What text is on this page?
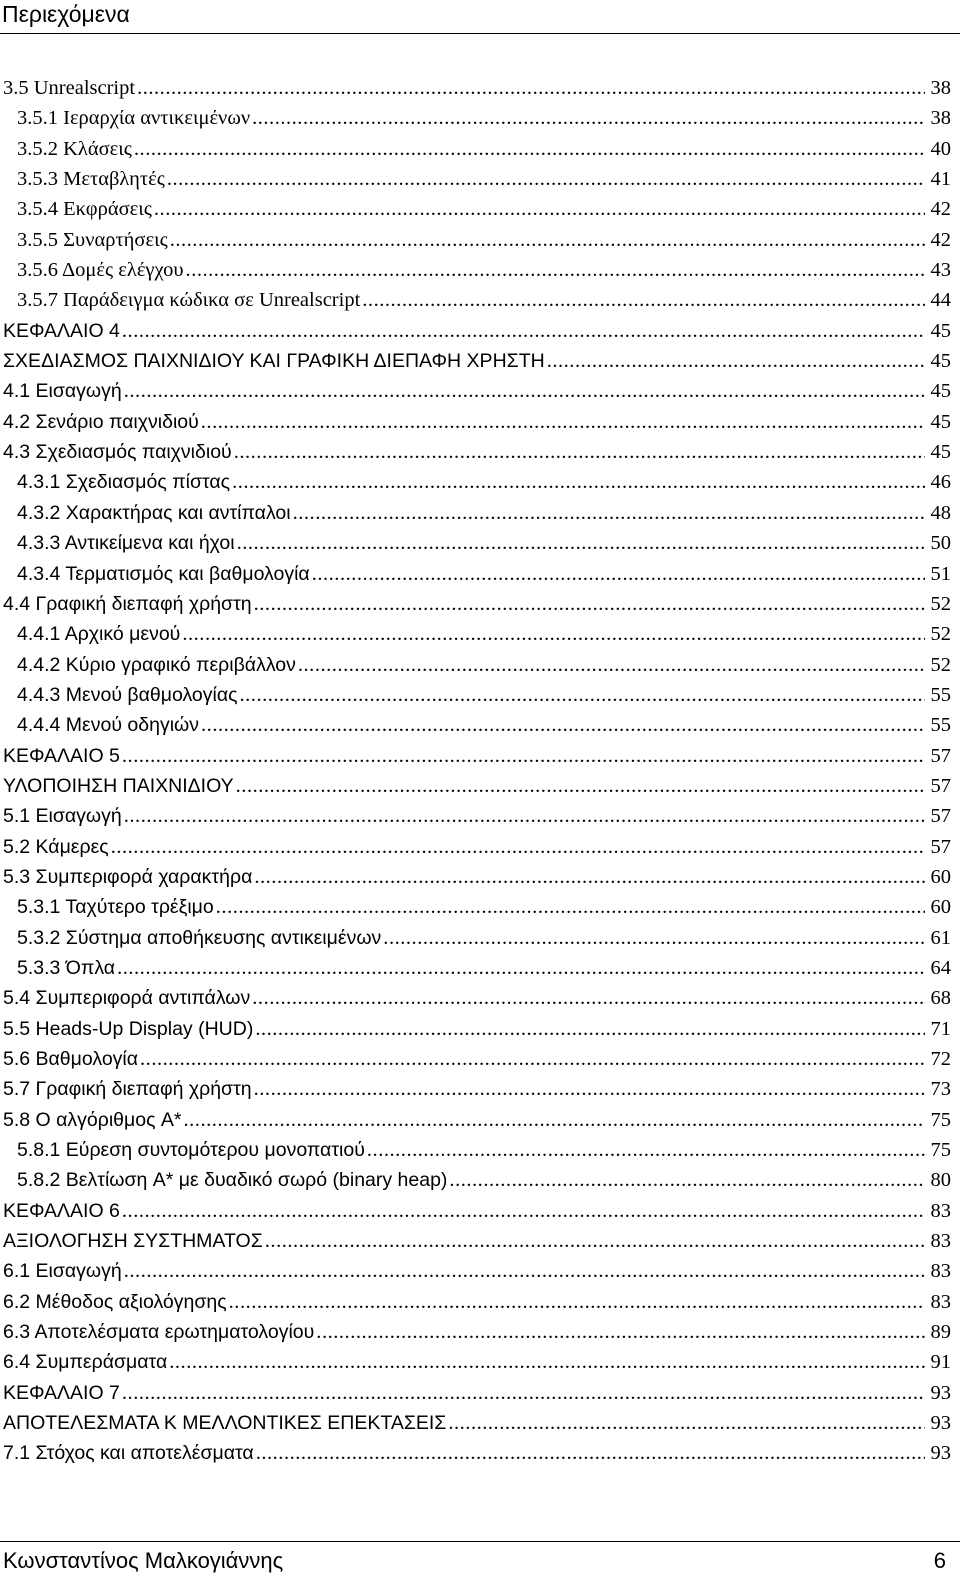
Περιεχόμενα
3.5 Unrealscript . . .	38
3.5.1 Ιεραρχία αντικειμένων . . .	38
3.5.2 Κλάσεις . . .	40
3.5.3 Μεταβλητές . . .	41
3.5.4 Εκφράσεις . . .	42
3.5.5 Συναρτήσεις . . .	42
3.5.6 Δομές ελέγχου . . .	43
3.5.7 Παράδειγμα κώδικα σε Unrealscript . . .	44
ΚΕΦΑΛΑΙΟ 4 . . .	45
ΣΧΕΔΙΑΣΜΟΣ ΠΑΙΧΝΙΔΙΟΥ ΚΑΙ ΓΡΑΦΙΚΗ ΔΙΕΠΑΦΗ ΧΡΗΣΤΗ . . .	45
4.1 Εισαγωγή . . .	45
4.2 Σενάριο παιχνιδιού . . .	45
4.3 Σχεδιασμός παιχνιδιού . . .	45
4.3.1 Σχεδιασμός πίστας . . .	46
4.3.2 Χαρακτήρας και αντίπαλοι . . .	48
4.3.3 Αντικείμενα και ήχοι . . .	50
4.3.4 Τερματισμός και βαθμολογία . . .	51
4.4 Γραφική διεπαφή χρήστη . . .	52
4.4.1 Αρχικό μενού . . .	52
4.4.2 Κύριο γραφικό περιβάλλον . . .	52
4.4.3 Μενού βαθμολογίας . . .	55
4.4.4 Μενού οδηγιών . . .	55
ΚΕΦΑΛΑΙΟ 5 . . .	57
ΥΛΟΠΟΙΗΣΗ ΠΑΙΧΝΙΔΙΟΥ . . .	57
5.1 Εισαγωγή . . .	57
5.2 Κάμερες . . .	57
5.3 Συμπεριφορά χαρακτήρα . . .	60
5.3.1 Ταχύτερο τρέξιμο . . .	60
5.3.2 Σύστημα αποθήκευσης αντικειμένων . . .	61
5.3.3 Όπλα . . .	64
5.4 Συμπεριφορά αντιπάλων . . .	68
5.5 Heads-Up Display (HUD) . . .	71
5.6 Βαθμολογία . . .	72
5.7 Γραφική διεπαφή χρήστη . . .	73
5.8 Ο αλγόριθμος A* . . .	75
5.8.1 Εύρεση συντομότερου μονοπατιού . . .	75
5.8.2 Βελτίωση A* με δυαδικό σωρό (binary heap) . . .	80
ΚΕΦΑΛΑΙΟ 6 . . .	83
ΑΞΙΟΛΟΓΗΣΗ ΣΥΣΤΗΜΑΤΟΣ . . .	83
6.1 Εισαγωγή . . .	83
6.2 Μέθοδος αξιολόγησης . . .	83
6.3 Αποτελέσματα ερωτηματολογίου . . .	89
6.4 Συμπεράσματα . . .	91
ΚΕΦΑΛΑΙΟ 7 . . .	93
ΑΠΟΤΕΛΕΣΜΑΤΑ Κ ΜΕΛΛΟΝΤΙΚΕΣ ΕΠΕΚΤΑΣΕΙΣ . . .	93
7.1 Στόχος και αποτελέσματα . . .	93
Κωνσταντίνος Μαλκογιάννης	6
